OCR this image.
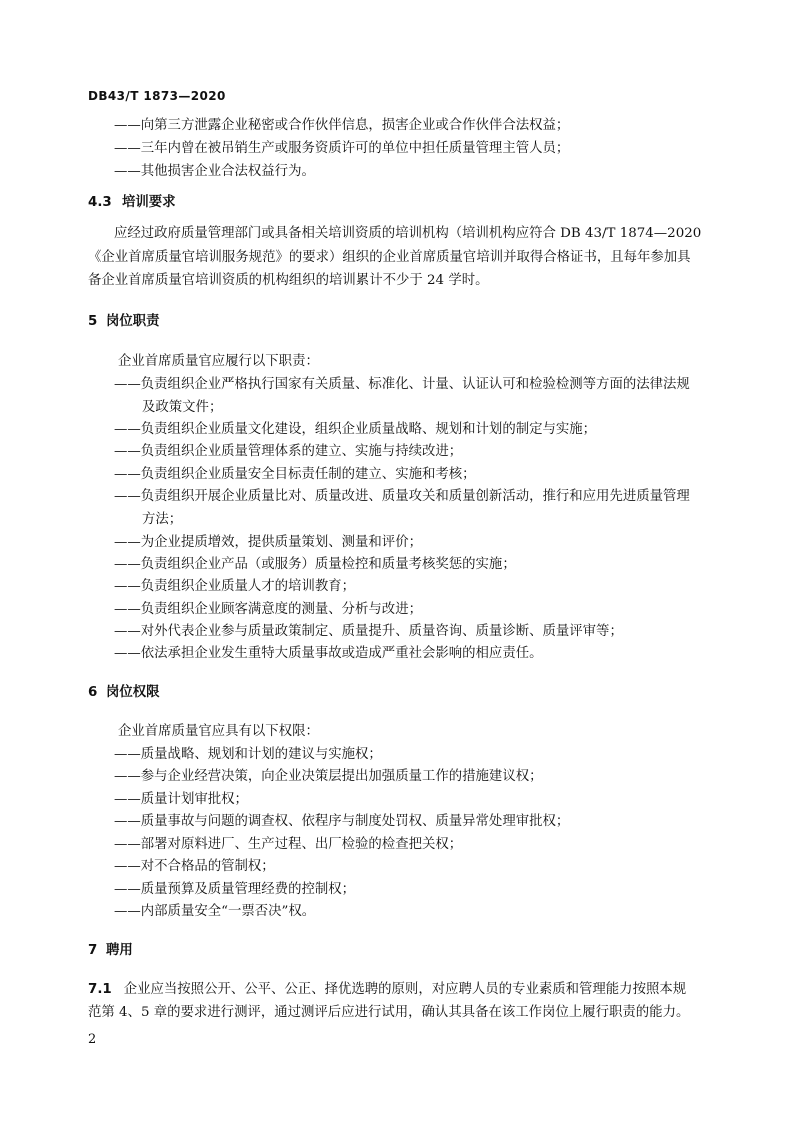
DB43/T 1873—2020
——向第三方泄露企业秘密或合作伙伴信息，损害企业或合作伙伴合法权益；
——三年内曾在被吊销生产或服务资质许可的单位中担任质量管理主管人员；
——其他损害企业合法权益行为。
4.3 培训要求
应经过政府质量管理部门或具备相关培训资质的培训机构（培训机构应符合 DB 43/T 1874—2020
《企业首席质量官培训服务规范》的要求）组织的企业首席质量官培训并取得合格证书，且每年参加具
备企业首席质量官培训资质的机构组织的培训累计不少于 24 学时。
5 岗位职责
企业首席质量官应履行以下职责：
——负责组织企业严格执行国家有关质量、标准化、计量、认证认可和检验检测等方面的法律法规
及政策文件；
——负责组织企业质量文化建设，组织企业质量战略、规划和计划的制定与实施；
——负责组织企业质量管理体系的建立、实施与持续改进；
——负责组织企业质量安全目标责任制的建立、实施和考核；
——负责组织开展企业质量比对、质量改进、质量攻关和质量创新活动，推行和应用先进质量管理
方法；
——为企业提质增效，提供质量策划、测量和评价；
——负责组织企业产品（或服务）质量检控和质量考核奖惩的实施；
——负责组织企业质量人才的培训教育；
——负责组织企业顾客满意度的测量、分析与改进；
——对外代表企业参与质量政策制定、质量提升、质量咨询、质量诊断、质量评审等；
——依法承担企业发生重特大质量事故或造成严重社会影响的相应责任。
6 岗位权限
企业首席质量官应具有以下权限：
——质量战略、规划和计划的建议与实施权；
——参与企业经营决策，向企业决策层提出加强质量工作的措施建议权；
——质量计划审批权；
——质量事故与问题的调查权、依程序与制度处罚权、质量异常处理审批权；
——部署对原料进厂、生产过程、出厂检验的检查把关权；
——对不合格品的管制权；
——质量预算及质量管理经费的控制权；
——内部质量安全“一票否决”权。
7 聘用
7.1 企业应当按照公开、公平、公正、择优选聘的原则，对应聘人员的专业素质和管理能力按照本规
范第 4、5 章的要求进行测评，通过测评后应进行试用，确认其具备在该工作岗位上履行职责的能力。
2
